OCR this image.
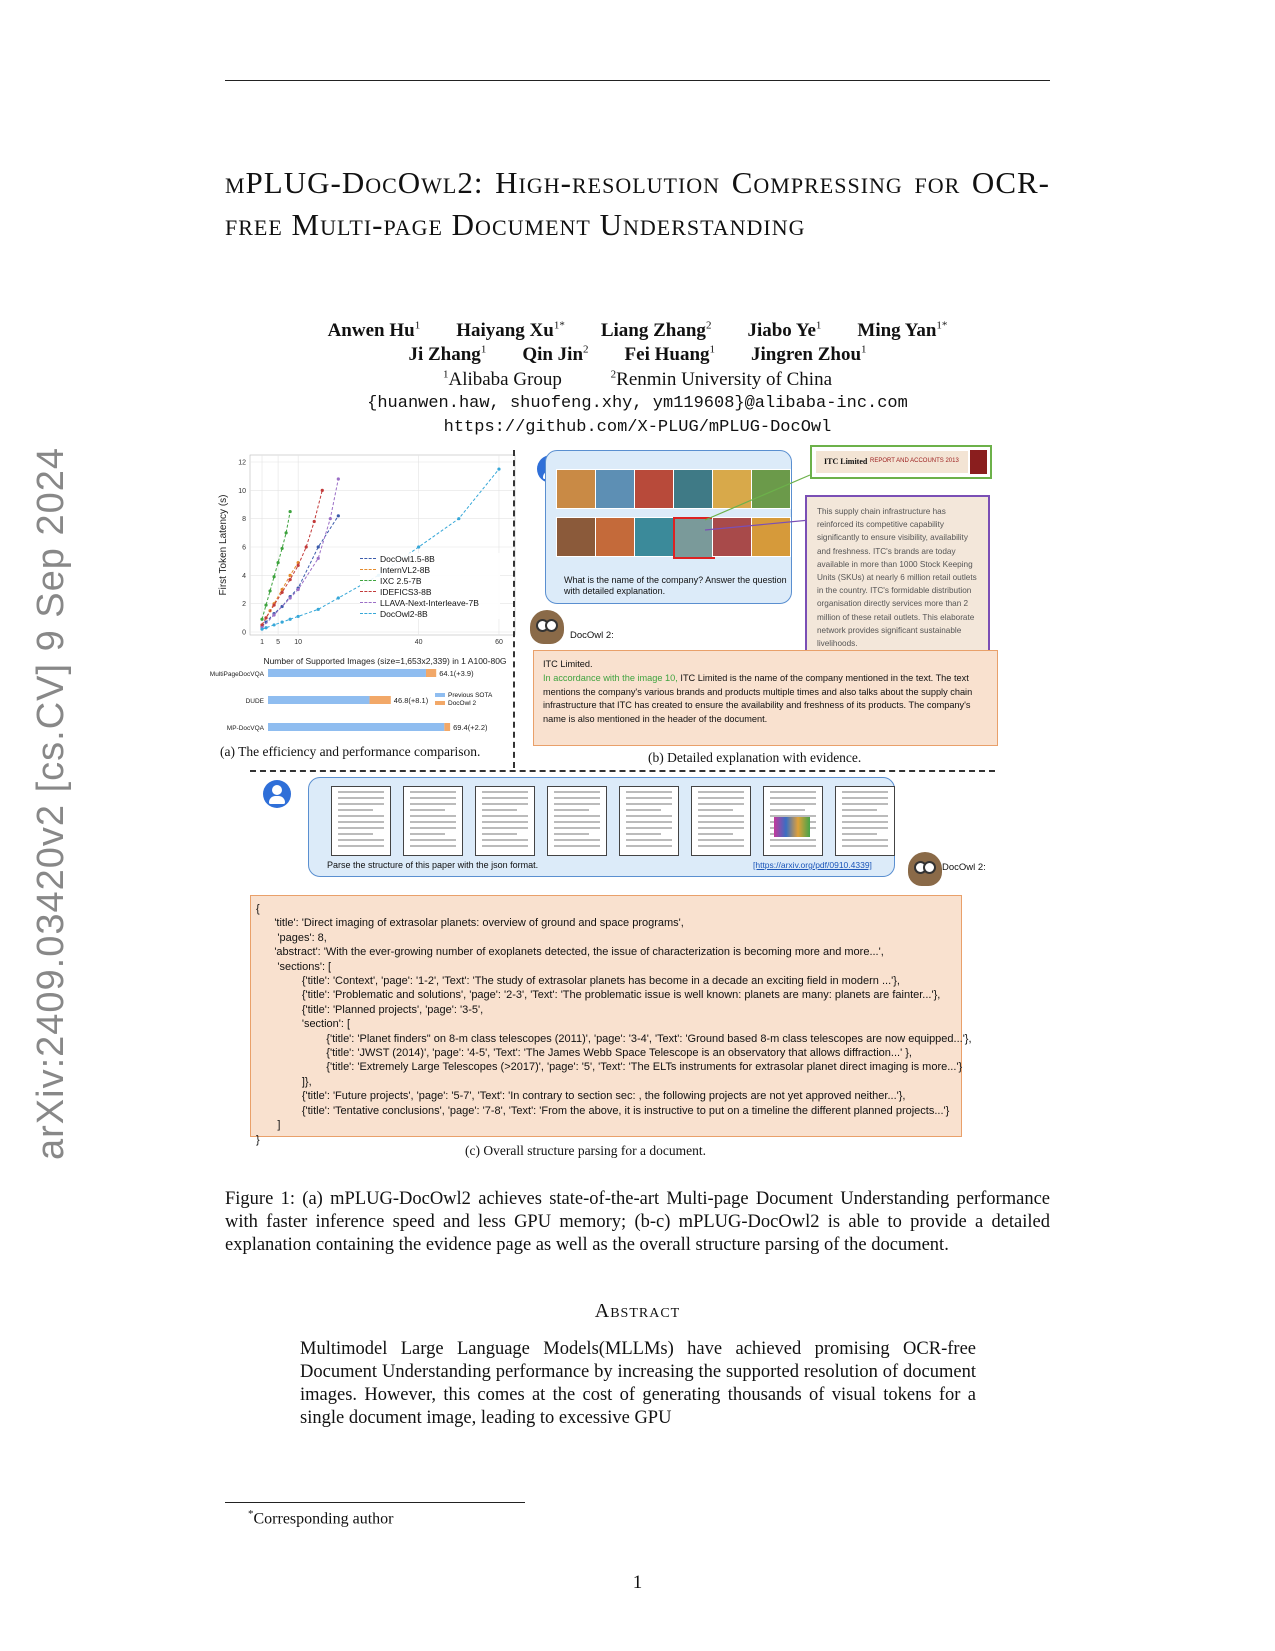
arXiv:2409.03420v2 [cs.CV] 9 Sep 2024
mPLUG-DocOwl2: High-resolution Compressing for OCR-free Multi-page Document Understanding
Anwen Hu$^1$ Haiyang $Xu^{1*}$ Liang Zhang$^2$ Jiabo Ye$^1$ Ming Yan$^{1*}$
Ji Zhang$^1$ Qin Jin$^2$ Fei Huang$^1$ Jingren Zhou$^1$
$^1$Alibaba Group	$^2$Renmin University of China
{huanwen.haw, shuofeng.xhy, ym119608}@alibaba-inc.com
https://github.com/X-PLUG/mPLUG-DocOwl
0
2
4
6
8
10
12
1 5 10	40	60
Number of Supported Images (size=1,653x2,339) in 1 A100-80G
First Token Latency (s)	DocOwl1.5-8B
InternVL2-8B
IXC 2.5-7B
IDEFICS3-8B
LLAVA-Next-Interleave-7B
DocOwl2-8B
MultiPageDocVQA	64.1(+3.9)
DUDE	46.8(+8.1)
MP-DocVQA	69.4(+2.2)
Previous SOTA
DocOwl 2
(a) The efficiency and performance comparison.
What is the name of the company? Answer the question with detailed explanation.
ITC Limited REPORT AND ACCOUNTS 2013
This supply chain infrastructure has reinforced its competitive capability significantly to ensure visibility, availability and freshness. ITC's brands are today available in more than 1000 Stock Keeping Units (SKUs) at nearly 6 million retail outlets in the country. ITC's formidable distribution organisation directly services more than 2 million of these retail outlets. This elaborate network provides significant sustainable livelihoods.
DocOwl 2:
ITC Limited.
In accordance with the image 10, ITC Limited is the name of the company mentioned in the text. The text mentions the company's various brands and products multiple times and also talks about the supply chain infrastructure that ITC has created to ensure the availability and freshness of its products. The company's name is also mentioned in the header of the document.
(b) Detailed explanation with evidence.
Parse the structure of this paper with the json format.	[https://arxiv.org/pdf/0910.4339]	DocOwl 2:
{
'title': 'Direct imaging of extrasolar planets: overview of ground and space programs',
'pages': 8,
'abstract': 'With the ever-growing number of exoplanets detected, the issue of characterization is becoming more and more...',
'sections': [
{'title': 'Context', 'page': '1-2', 'Text': 'The study of extrasolar planets has become in a decade an exciting field in modern ...'},
{'title': 'Problematic and solutions', 'page': '2-3', 'Text': 'The problematic issue is well known: planets are many: planets are fainter...'},
{'title': 'Planned projects', 'page': '3-5',
'section': [
{'title': 'Planet finders" on 8-m class telescopes (2011)', 'page': '3-4', 'Text': 'Ground based 8-m class telescopes are now equipped...'},
{'title': 'JWST (2014)', 'page': '4-5', 'Text': 'The James Webb Space Telescope is an observatory that allows diffraction...' },
{'title': 'Extremely Large Telescopes (>2017)', 'page': '5', 'Text': 'The ELTs instruments for extrasolar planet direct imaging is more...'}
]},
{'title': 'Future projects', 'page': '5-7', 'Text': 'In contrary to section sec: , the following projects are not yet approved neither...'},
{'title': 'Tentative conclusions', 'page': '7-8', 'Text': 'From the above, it is instructive to put on a timeline the different planned projects...'}
]
}
(c) Overall structure parsing for a document.
Figure 1: (a) mPLUG-DocOwl2 achieves state-of-the-art Multi-page Document Understanding performance with faster inference speed and less GPU memory; (b-c) mPLUG-DocOwl2 is able to provide a detailed explanation containing the evidence page as well as the overall structure parsing of the document.
Abstract
Multimodel Large Language Models(MLLMs) have achieved promising OCR-free Document Understanding performance by increasing the supported resolution of document images. However, this comes at the cost of generating thousands of visual tokens for a single document image, leading to excessive GPU
*Corresponding author
1
